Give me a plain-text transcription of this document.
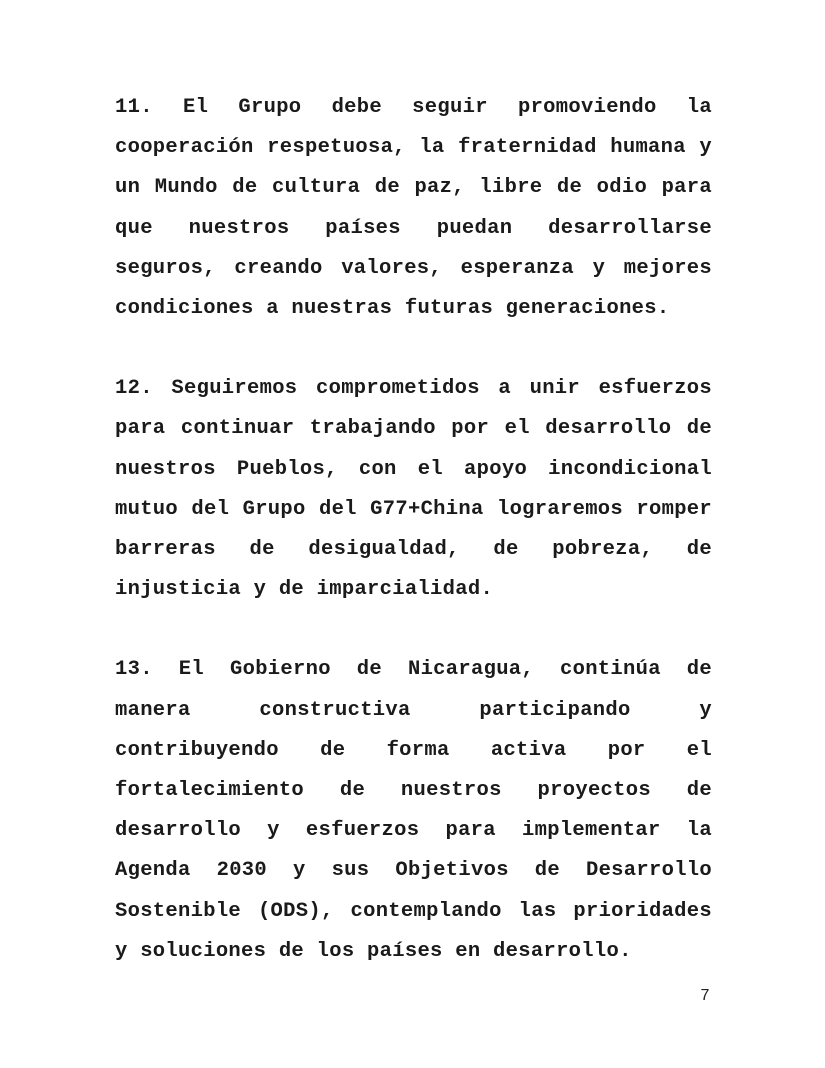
11. El Grupo debe seguir promoviendo la cooperación respetuosa, la fraternidad humana y un Mundo de cultura de paz, libre de odio para que nuestros países puedan desarrollarse seguros, creando valores, esperanza y mejores condiciones a nuestras futuras generaciones.

12. Seguiremos comprometidos a unir esfuerzos para continuar trabajando por el desarrollo de nuestros Pueblos, con el apoyo incondicional mutuo del Grupo del G77+China lograremos romper barreras de desigualdad, de pobreza, de injusticia y de imparcialidad.

13. El Gobierno de Nicaragua, continúa de manera constructiva participando y contribuyendo de forma activa por el fortalecimiento de nuestros proyectos de desarrollo y esfuerzos para implementar la Agenda 2030 y sus Objetivos de Desarrollo Sostenible (ODS), contemplando las prioridades y soluciones de los países en desarrollo.

7
